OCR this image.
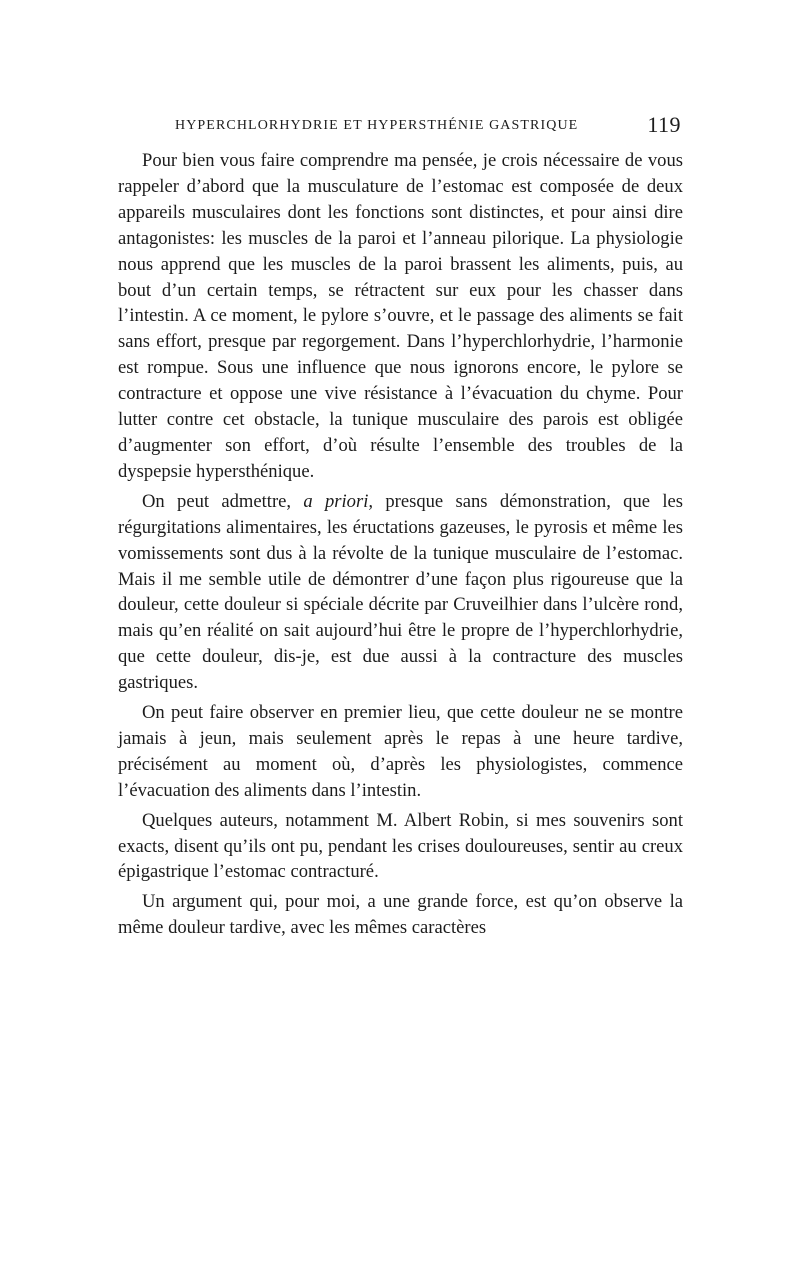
HYPERCHLORHYDRIE ET HYPERSTHÉNIE GASTRIQUE	119

Pour bien vous faire comprendre ma pensée, je crois nécessaire de vous rappeler d’abord que la musculature de l’estomac est composée de deux appareils musculaires dont les fonctions sont distinctes, et pour ainsi dire antagonistes: les muscles de la paroi et l’anneau pilorique. La physiologie nous apprend que les muscles de la paroi brassent les aliments, puis, au bout d’un certain temps, se rétractent sur eux pour les chasser dans l’intestin. A ce moment, le pylore s’ouvre, et le passage des aliments se fait sans effort, presque par regorgement. Dans l’hyperchlorhydrie, l’harmonie est rompue. Sous une influence que nous ignorons encore, le pylore se contracture et oppose une vive résistance à l’évacuation du chyme. Pour lutter contre cet obstacle, la tunique musculaire des parois est obligée d’augmenter son effort, d’où résulte l’ensemble des troubles de la dyspepsie hypersthénique.

On peut admettre, a priori, presque sans démonstration, que les régurgitations alimentaires, les éructations gazeuses, le pyrosis et même les vomissements sont dus à la révolte de la tunique musculaire de l’estomac. Mais il me semble utile de démontrer d’une façon plus rigoureuse que la douleur, cette douleur si spéciale décrite par Cruveilhier dans l’ulcère rond, mais qu’en réalité on sait aujourd’hui être le propre de l’hyperchlorhydrie, que cette douleur, dis-je, est due aussi à la contracture des muscles gastriques.

On peut faire observer en premier lieu, que cette douleur ne se montre jamais à jeun, mais seulement après le repas à une heure tardive, précisément au moment où, d’après les physiologistes, commence l’évacuation des aliments dans l’intestin.

Quelques auteurs, notamment M. Albert Robin, si mes souvenirs sont exacts, disent qu’ils ont pu, pendant les crises douloureuses, sentir au creux épigastrique l’estomac contracturé.

Un argument qui, pour moi, a une grande force, est qu’on observe la même douleur tardive, avec les mêmes caractères
